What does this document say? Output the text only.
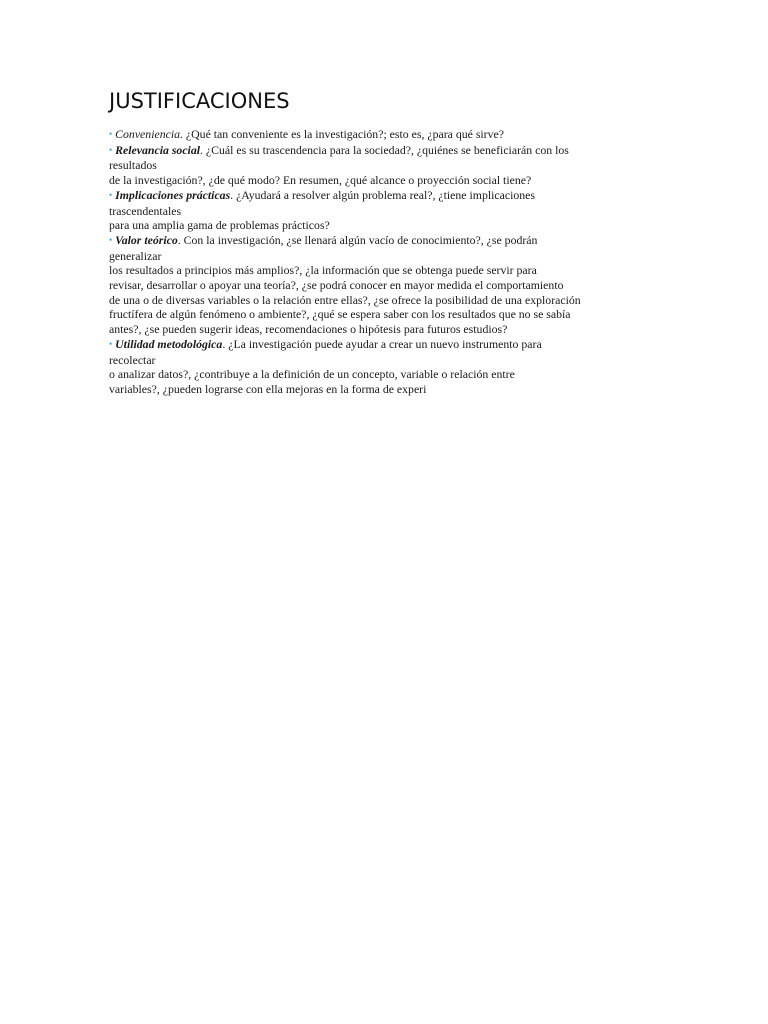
JUSTIFICACIONES
• Conveniencia. ¿Qué tan conveniente es la investigación?; esto es, ¿para qué sirve?
• Relevancia social. ¿Cuál es su trascendencia para la sociedad?, ¿quiénes se beneficiarán con los
resultados
de la investigación?, ¿de qué modo? En resumen, ¿qué alcance o proyección social tiene?
• Implicaciones prácticas. ¿Ayudará a resolver algún problema real?, ¿tiene implicaciones
trascendentales
para una amplia gama de problemas prácticos?
• Valor teórico. Con la investigación, ¿se llenará algún vacío de conocimiento?, ¿se podrán
generalizar
los resultados a principios más amplios?, ¿la información que se obtenga puede servir para
revisar, desarrollar o apoyar una teoría?, ¿se podrá conocer en mayor medida el comportamiento
de una o de diversas variables o la relación entre ellas?, ¿se ofrece la posibilidad de una exploración
fructífera de algún fenómeno o ambiente?, ¿qué se espera saber con los resultados que no se sabía
antes?, ¿se pueden sugerir ideas, recomendaciones o hipótesis para futuros estudios?
• Utilidad metodológica. ¿La investigación puede ayudar a crear un nuevo instrumento para
recolectar
o analizar datos?, ¿contribuye a la definición de un concepto, variable o relación entre
variables?, ¿pueden lograrse con ella mejoras en la forma de experi
